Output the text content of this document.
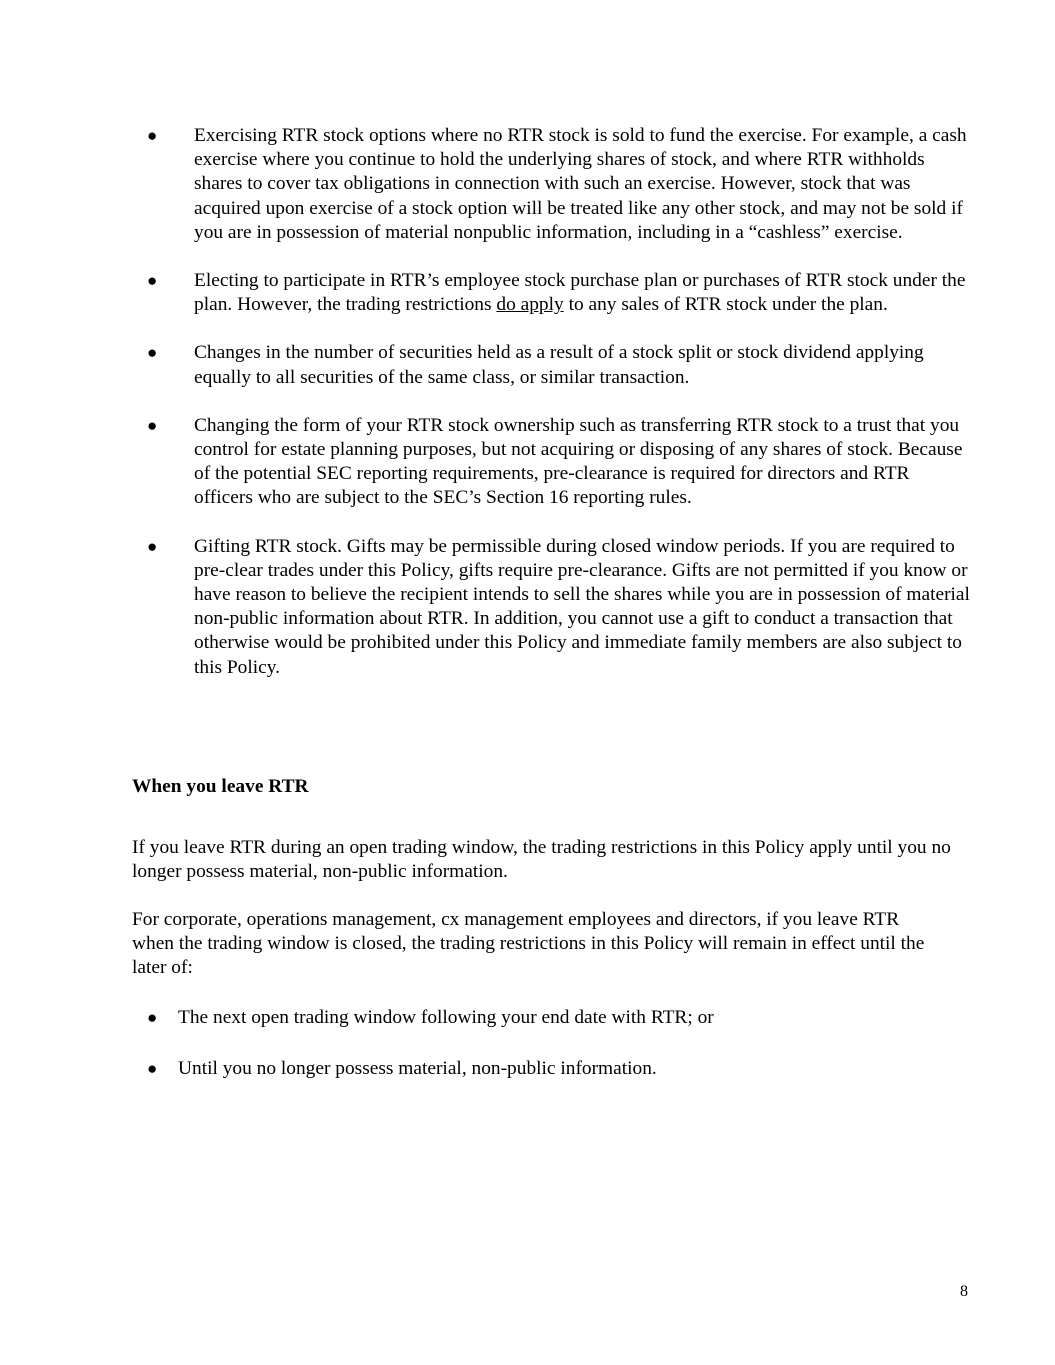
● Exercising RTR stock options where no RTR stock is sold to fund the exercise. For example, a cash exercise where you continue to hold the underlying shares of stock, and where RTR withholds shares to cover tax obligations in connection with such an exercise. However, stock that was acquired upon exercise of a stock option will be treated like any other stock, and may not be sold if you are in possession of material nonpublic information, including in a “cashless” exercise.
● Electing to participate in RTR’s employee stock purchase plan or purchases of RTR stock under the plan. However, the trading restrictions do apply to any sales of RTR stock under the plan.
● Changes in the number of securities held as a result of a stock split or stock dividend applying equally to all securities of the same class, or similar transaction.
● Changing the form of your RTR stock ownership such as transferring RTR stock to a trust that you control for estate planning purposes, but not acquiring or disposing of any shares of stock. Because of the potential SEC reporting requirements, pre-clearance is required for directors and RTR officers who are subject to the SEC’s Section 16 reporting rules.
● Gifting RTR stock. Gifts may be permissible during closed window periods. If you are required to pre-clear trades under this Policy, gifts require pre-clearance. Gifts are not permitted if you know or have reason to believe the recipient intends to sell the shares while you are in possession of material non-public information about RTR. In addition, you cannot use a gift to conduct a transaction that otherwise would be prohibited under this Policy and immediate family members are also subject to this Policy.
When you leave RTR
If you leave RTR during an open trading window, the trading restrictions in this Policy apply until you no longer possess material, non-public information.
For corporate, operations management, cx management employees and directors, if you leave RTR when the trading window is closed, the trading restrictions in this Policy will remain in effect until the later of:
● The next open trading window following your end date with RTR; or
● Until you no longer possess material, non-public information.
8
